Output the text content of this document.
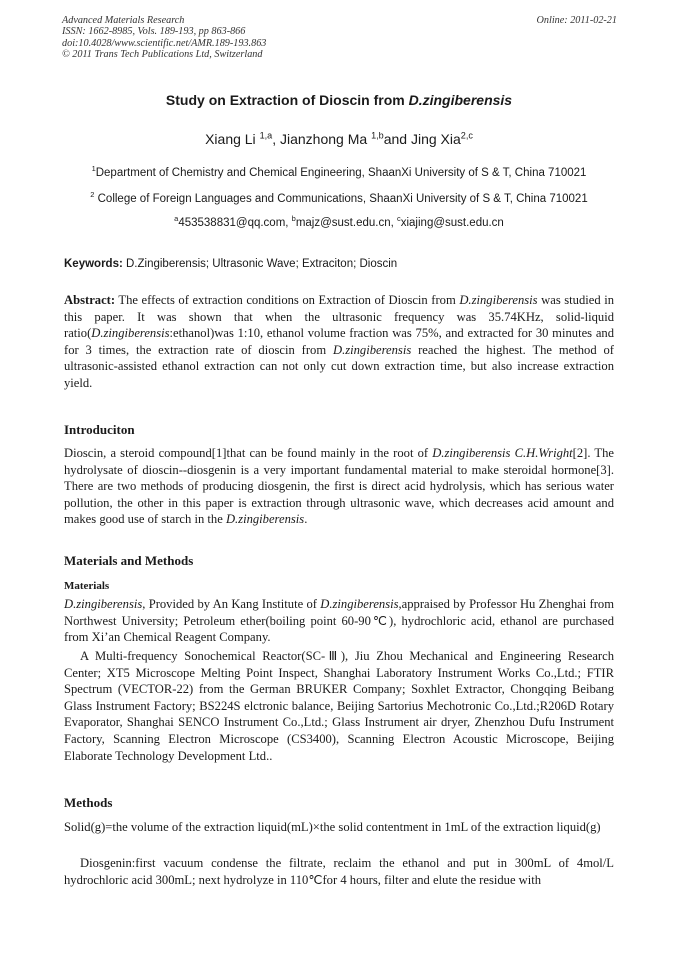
Advanced Materials Research
ISSN: 1662-8985, Vols. 189-193, pp 863-866
doi:10.4028/www.scientific.net/AMR.189-193.863
© 2011 Trans Tech Publications Ltd, Switzerland
Online: 2011-02-21
Study on Extraction of Dioscin from D.zingiberensis
Xiang Li $^{1,a}$, Jianzhong Ma $^{1,b}$and Jing Xia$^{2,c}$
$^1$Department of Chemistry and Chemical Engineering, ShaanXi University of S & T, China 710021
$^2$ College of Foreign Languages and Communications, ShaanXi University of S & T, China 710021
$^a$453538831@qq.com, $^b$majz@sust.edu.cn, $^c$xiajing@sust.edu.cn
Keywords: D.Zingiberensis; Ultrasonic Wave; Extraciton; Dioscin

Abstract: The effects of extraction conditions on Extraction of Dioscin from D.zingiberensis was studied in this paper. It was shown that when the ultrasonic frequency was 35.74KHz, solid-liquid ratio(D.zingiberensis:ethanol)was 1:10, ethanol volume fraction was 75%, and extracted for 30 minutes and for 3 times, the extraction rate of dioscin from D.zingiberensis reached the highest. The method of ultrasonic-assisted ethanol extraction can not only cut down extraction time, but also increase extraction yield.

Introduciton

Dioscin, a steroid compound[1]that can be found mainly in the root of D.zingiberensis C.H.Wright[2]. The hydrolysate of dioscin--diosgenin is a very important fundamental material to make steroidal hormone[3]. There are two methods of producing diosgenin, the first is direct acid hydrolysis, which has serious water pollution, the other in this paper is extraction through ultrasonic wave, which decreases acid amount and makes good use of starch in the D.zingiberensis.

Materials and Methods
Materials

D.zingiberensis, Provided by An Kang Institute of D.zingiberensis,appraised by Professor Hu Zhenghai from Northwest University; Petroleum ether(boiling point 60-90℃), hydrochloric acid, ethanol are purchased from Xi’an Chemical Reagent Company.

A Multi-frequency Sonochemical Reactor(SC-Ⅲ), Jiu Zhou Mechanical and Engineering Research Center; XT5 Microscope Melting Point Inspect, Shanghai Laboratory Instrument Works Co.,Ltd.; FTIR Spectrum (VECTOR-22) from the German BRUKER Company; Soxhlet Extractor, Chongqing Beibang Glass Instrument Factory; BS224S elctronic balance, Beijing Sartorius Mechotronic Co.,Ltd.;R206D Rotary Evaporator, Shanghai SENCO Instrument Co.,Ltd.; Glass Instrument air dryer, Zhenzhou Dufu Instrument Factory, Scanning Electron Microscope (CS3400), Scanning Electron Acoustic Microscope, Beijing Elaborate Technology Development Ltd..

Methods

Solid(g)=the volume of the extraction liquid(mL)×the solid contentment in 1mL of the extraction liquid(g)

Diosgenin:first vacuum condense the filtrate, reclaim the ethanol and put in 300mL of 4mol/L hydrochloric acid 300mL; next hydrolyze in 110℃for 4 hours, filter and elute the residue with
